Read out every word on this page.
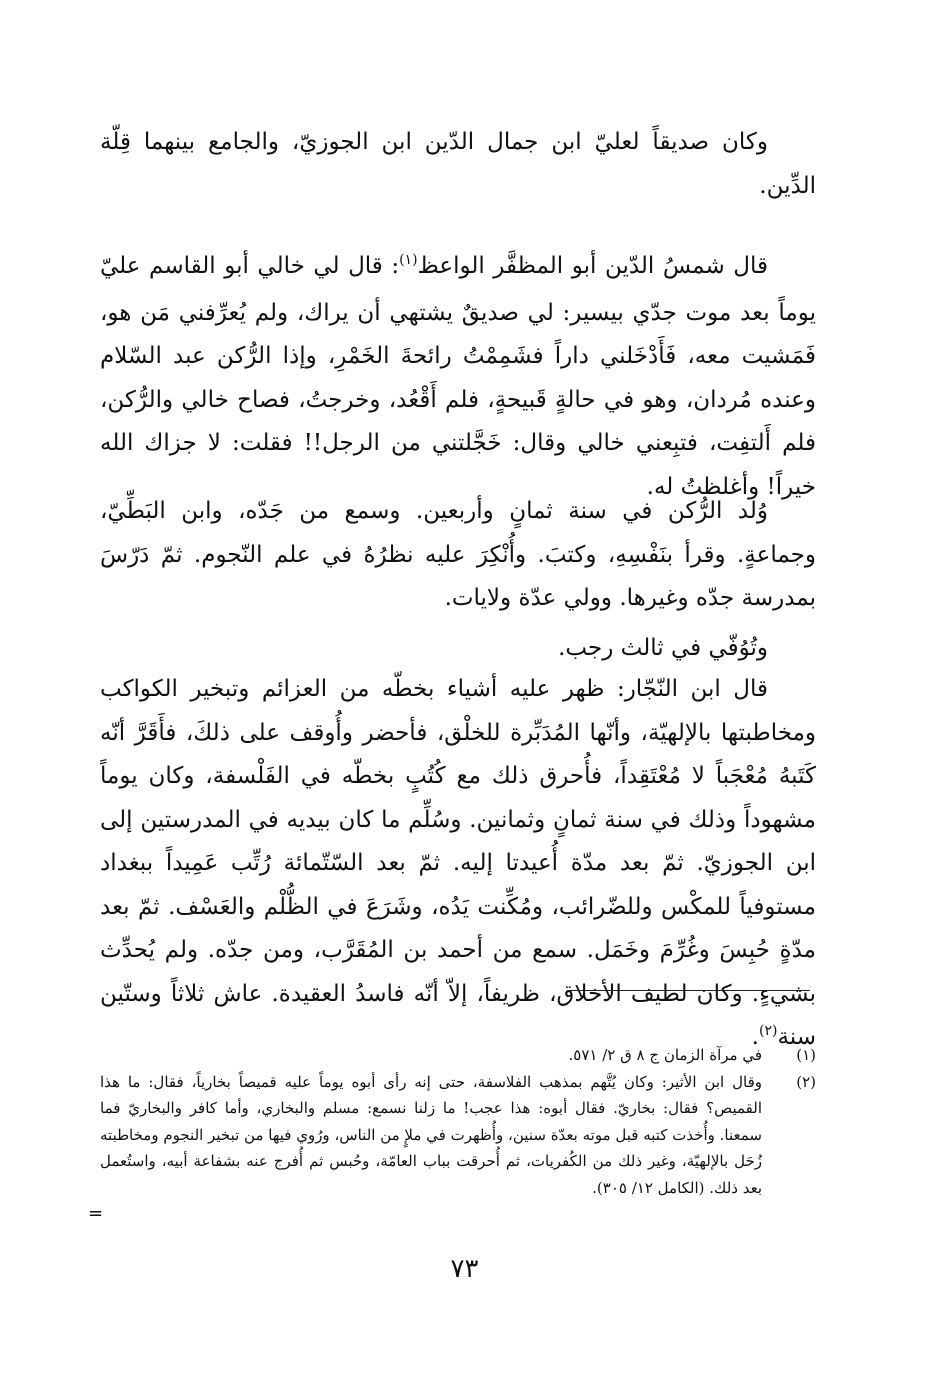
وكان صديقاً لعليّ ابن جمال الدّين ابن الجوزيّ، والجامع بينهما قِلّة الدِّين.

قال شمسُ الدّين أبو المظفَّر الواعظ$^{(١)}$: قال لي خالي أبو القاسم عليّ يوماً بعد موت جدّي بيسير: لي صديقٌ يشتهي أن يراك، ولم يُعرِّفني مَن هو، فَمَشيت معه، فَأَدْخَلني داراً فشَمِمْتُ رائحةَ الخَمْرِ، وإذا الرُّكن عبد السّلام وعنده مُردان، وهو في حالةٍ قَبيحةٍ، فلم أَقْعُد، وخرجتُ، فصاح خالي والرُّكن، فلم أَلتفِت، فتبِعني خالي وقال: خَجَّلتني من الرجل!! فقلت: لا جزاك الله خيراً! وأغلظتُ له.

وُلد الرُّكن في سنة ثمانٍ وأربعين. وسمع من جَدّه، وابن البَطِّيّ، وجماعةٍ. وقرأ بنَفْسِهِ، وكتبَ. وأُنْكِرَ عليه نظرُهُ في علم النّجوم. ثمّ دَرّسَ بمدرسة جدّه وغيرها. وولي عدّة ولايات.

وتُوُفّي في ثالث رجب.

قال ابن النّجّار: ظهر عليه أشياء بخطّه من العزائم وتبخير الكواكب ومخاطبتها بالإلهيّة، وأنّها المُدَبِّرة للخلْق، فأحضر وأُوقف على ذلكَ، فأَقَرَّ أنّه كَتَبهُ مُعْجَباً لا مُعْتَقِداً، فأُحرق ذلك مع كُتُبٍ بخطّه في الفَلْسفة، وكان يوماً مشهوداً وذلك في سنة ثمانٍ وثمانين. وسُلِّم ما كان بيديه في المدرستين إلى ابن الجوزيّ. ثمّ بعد مدّة أُعيدتا إليه. ثمّ بعد السّتّمائة رُتِّب عَمِيداً ببغداد مستوفياً للمكْس وللضّرائب، ومُكِّنت يَدُه، وشَرَعَ في الظُّلْم والعَسْف. ثمّ بعد مدّةٍ حُبِسَ وغُرِّمَ وخَمَل. سمع من أحمد بن المُقَرَّب، ومن جدّه. ولم يُحدِّث بشيءٍ. وكان لطيف الأخلاق، ظريفاً، إلاّ أنّه فاسدُ العقيدة. عاش ثلاثاً وستّين سنة$^{(٢)}$.

(١)
في مرآة الزمان ج ٨ ق ٢/ ٥٧١.
(٢)
وقال ابن الأثير: وكان يُتَّهم بمذهب الفلاسفة، حتى إنه رأى أبوه يوماً عليه قميصاً بخارياً، فقال: ما هذا القميص؟ فقال: بخاريّ. فقال أبوه: هذا عجب! ما زلنا نسمع: مسلم والبخاري، وأما كافر والبخاريّ فما سمعنا. وأُخذت كتبه قبل موته بعدّة سنين، وأُظهرت في ملإٍ من الناس، ورُوي فيها من تبخير النجوم ومخاطبته زُحَل بالإلهيّة، وغير ذلك من الكُفريات، ثم أُحرقت بباب العامّة، وحُبس ثم أُفرج عنه بشفاعة أبيه، واستُعمل بعد ذلك. (الكامل ١٢/ ٣٠٥).
=
٧٣
